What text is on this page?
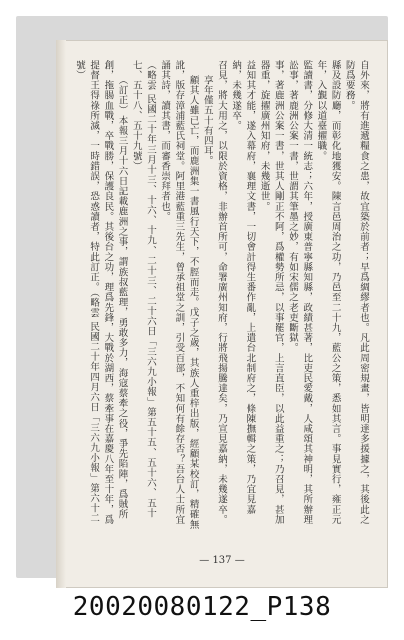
自外來，將有進遞糧食之患，故宜築於前者；早爲綢繆者也。凡此周密規畫，皆明達多援據之，其後此之防爲要務。

縣及設防廳，而彰化地獲安。陳言邑周治之功，乃邑至二十九，藍公之策，悉如其言。事見實行，雍正元年，入覲以道臺擢職。

監讀書，分修大清一統志；六年，授廣東普寧縣知縣，政績甚著，比吏民愛戴，人咸頌其神明，其所辦理訟事，著鹿洲公案一書，世謂其筆墨之妙，有如宋儒之老吏斷獄。

事，著鹿洲公案一書，世其人剛正不阿，爲權勢所忌，以事罷官，上言直臣，以此益重之；乃召見，甚加器重，旋擢廣州知府，未幾逝世。

益知其才能，遂入幕府，襄理文書，一切會計得生番作亂，上遣台北制府之，條陳撫輯之策，乃宜見嘉納，未幾遂卒。

召見，將大用之，以限於資格，非辦首所可，命署廣州知府，行將飛揚騰達矣，乃宣見嘉納，未幾遂卒。

享年僅五十有四耳。

顧其人雖已亡，而鹿洲集一書風行天下，不脛而走。戊子之歲，其族人重梓出版，經顧某校訂，精確無訛，版存漳浦藍氏祠堂。阿里港藍重三先生，曾承祖堂之訓，引受百部，不知何有餘存否？吾台人士所宜誦其詩，讀其書，而審香崇拜者也。

（略雲 民國二十年三月十三、十六、十九、二十三、二十六日「三六九小報」第五十五、五十六、五十七、五十八、五十九號）

（訂正）本報三月十六日記載鹿洲之事，謂族叔藍理，勇敢多力，海寇蔡牽之役，爭先陷陣，爲賊所創，拖腸血戰，卒戰勝，保護良民。其後台之功，理爲先鋒，大戰於湖西，蔡牽事在嘉慶八年至十年，爲提督王得祿所滅，一時錯誤，恐惑讀者，特此訂正。（略雲 民國二十年四月六日「三六九小報」第六十二號）

— 137 —
20020080122_P138
